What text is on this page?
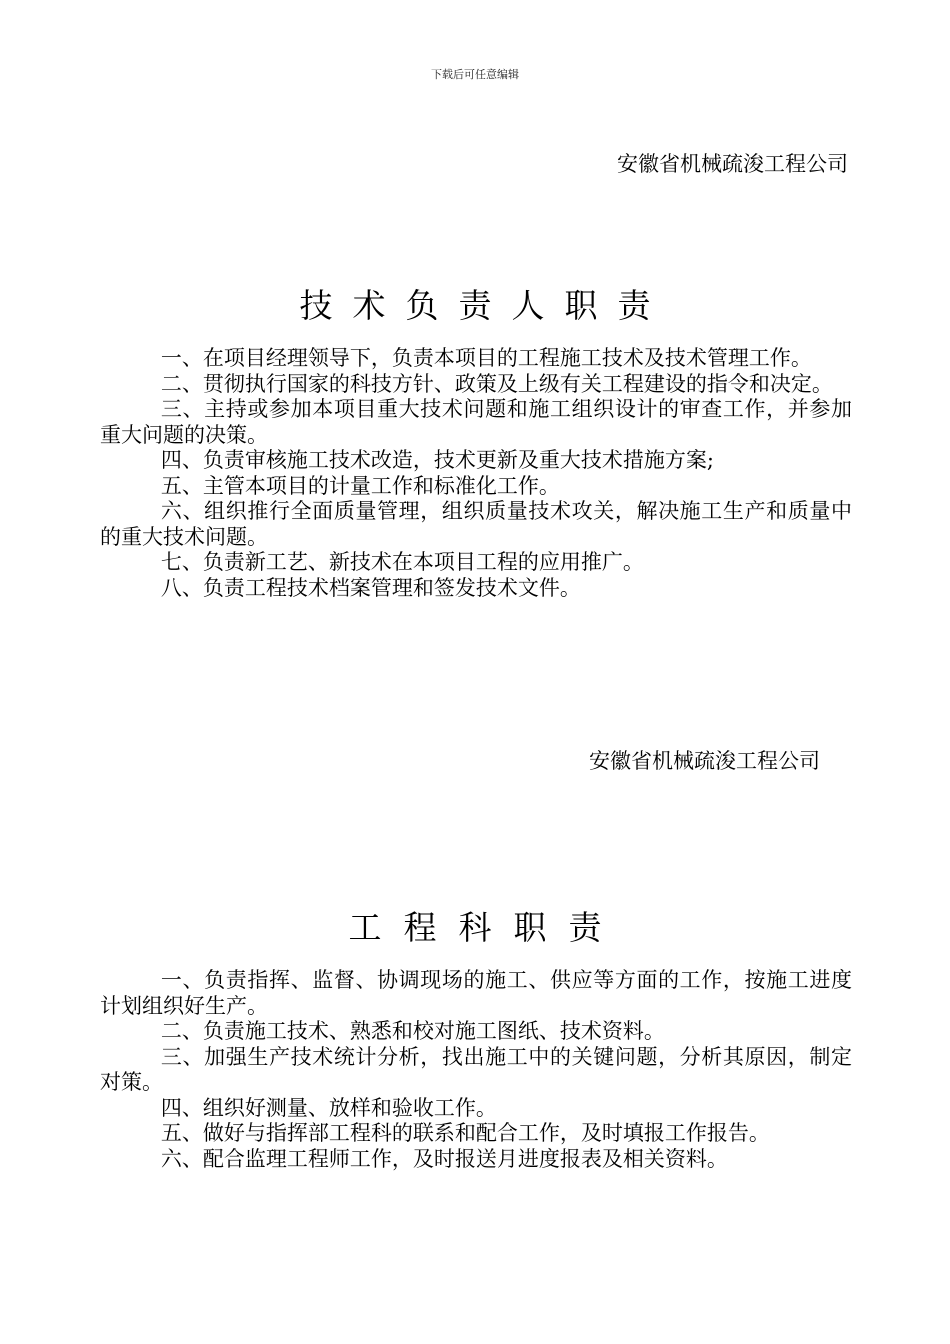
下载后可任意编辑
安徽省机械疏浚工程公司
技术负责人职责

一、在项目经理领导下，负责本项目的工程施工技术及技术管理工作。

二、贯彻执行国家的科技方针、政策及上级有关工程建设的指令和决定。

三、主持或参加本项目重大技术问题和施工组织设计的审查工作，并参加重大问题的决策。

四、负责审核施工技术改造，技术更新及重大技术措施方案;

五、主管本项目的计量工作和标准化工作。

六、组织推行全面质量管理，组织质量技术攻关，解决施工生产和质量中的重大技术问题。

七、负责新工艺、新技术在本项目工程的应用推广。

八、负责工程技术档案管理和签发技术文件。

安徽省机械疏浚工程公司
工程科职责

一、负责指挥、监督、协调现场的施工、供应等方面的工作，按施工进度计划组织好生产。

二、负责施工技术、熟悉和校对施工图纸、技术资料。

三、加强生产技术统计分析，找出施工中的关键问题，分析其原因，制定对策。

四、组织好测量、放样和验收工作。

五、做好与指挥部工程科的联系和配合工作，及时填报工作报告。

六、配合监理工程师工作，及时报送月进度报表及相关资料。
